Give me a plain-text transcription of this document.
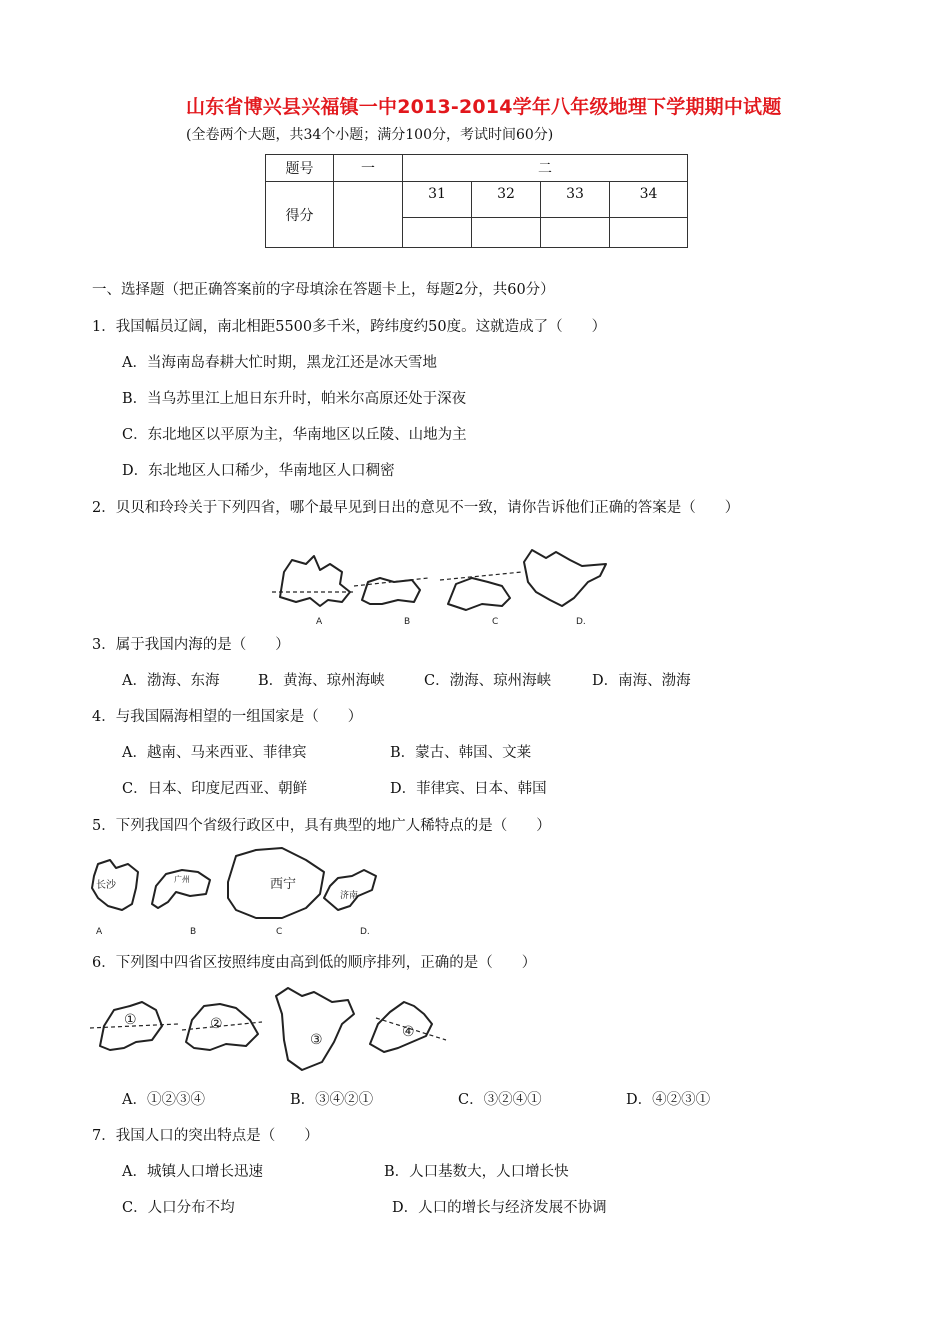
山东省博兴县兴福镇一中2013-2014学年八年级地理下学期期中试题
(全卷两个大题，共34个小题；满分100分，考试时间60分)
题号	一	二			
得分		31	32	33	34

一、选择题（把正确答案前的字母填涂在答题卡上，每题2分，共60分）
1．我国幅员辽阔，南北相距5500多千米，跨纬度约50度。这就造成了（　　）
A．当海南岛春耕大忙时期，黑龙江还是冰天雪地
B．当乌苏里江上旭日东升时，帕米尔高原还处于深夜
C．东北地区以平原为主，华南地区以丘陵、山地为主
D．东北地区人口稀少，华南地区人口稠密
2．贝贝和玲玲关于下列四省，哪个最早见到日出的意见不一致，请你告诉他们正确的答案是（　　）
A	B	C	D.
3．属于我国内海的是（　　）
A．渤海、东海	B．黄海、琼州海峡	C．渤海、琼州海峡	D．南海、渤海
4．与我国隔海相望的一组国家是（　　）
A．越南、马来西亚、菲律宾	B．蒙古、韩国、文莱
C．日本、印度尼西亚、朝鲜	D．菲律宾、日本、韩国
5．下列我国四个省级行政区中，具有典型的地广人稀特点的是（　　）
长沙
广州	西宁
济南
A	B	C	D.
6．下列图中四省区按照纬度由高到低的顺序排列，正确的是（　　）
①	②
③	④
A．①②③④	B．③④②①	C．③②④①	D．④②③①
7．我国人口的突出特点是（　　）
A．城镇人口增长迅速	B．人口基数大，人口增长快
C．人口分布不均	D．人口的增长与经济发展不协调
